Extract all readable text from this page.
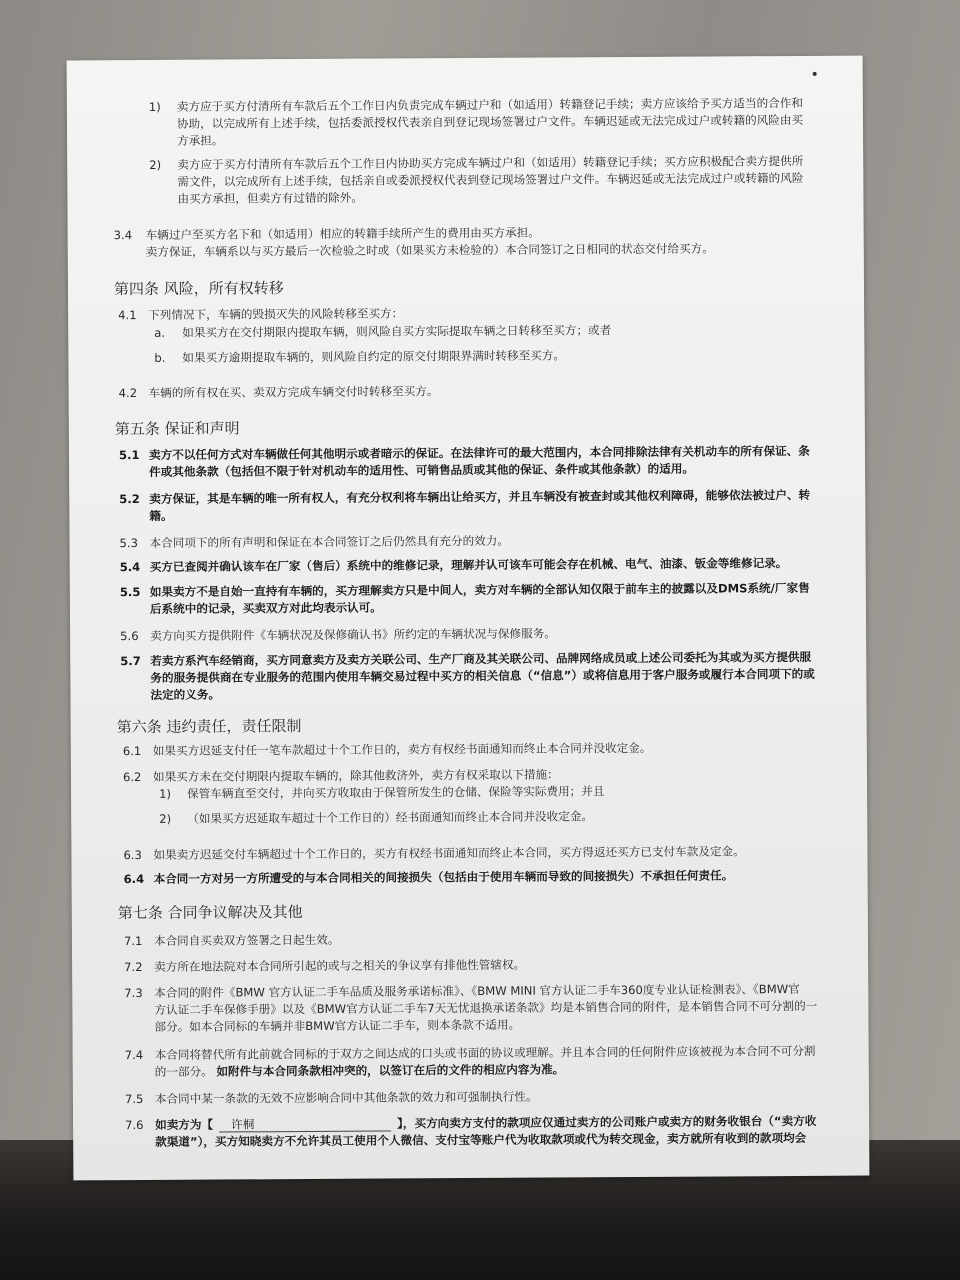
1) 卖方应于买方付清所有车款后五个工作日内负责完成车辆过户和（如适用）转籍登记手续；卖方应该给予买方适当的合作和
协助，以完成所有上述手续，包括委派授权代表亲自到登记现场签署过户文件。车辆迟延或无法完成过户或转籍的风险由买
方承担。
2) 卖方应于买方付清所有车款后五个工作日内协助买方完成车辆过户和（如适用）转籍登记手续；买方应积极配合卖方提供所
需文件，以完成所有上述手续，包括亲自或委派授权代表到登记现场签署过户文件。车辆迟延或无法完成过户或转籍的风险
由买方承担，但卖方有过错的除外。
3.4 车辆过户至买方名下和（如适用）相应的转籍手续所产生的费用由买方承担。
卖方保证，车辆系以与买方最后一次检验之时或（如果买方未检验的）本合同签订之日相同的状态交付给买方。
第四条 风险，所有权转移
4.1 下列情况下，车辆的毁损灭失的风险转移至买方：
a. 如果买方在交付期限内提取车辆，则风险自买方实际提取车辆之日转移至买方；或者
b. 如果买方逾期提取车辆的，则风险自约定的原交付期限界满时转移至买方。
4.2 车辆的所有权在买、卖双方完成车辆交付时转移至买方。
第五条 保证和声明
5.1 卖方不以任何方式对车辆做任何其他明示或者暗示的保证。在法律许可的最大范围内，本合同排除法律有关机动车的所有保证、条
件或其他条款（包括但不限于针对机动车的适用性、可销售品质或其他的保证、条件或其他条款）的适用。
5.2 卖方保证，其是车辆的唯一所有权人，有充分权利将车辆出让给买方，并且车辆没有被查封或其他权利障碍，能够依法被过户、转
籍。
5.3 本合同项下的所有声明和保证在本合同签订之后仍然具有充分的效力。
5.4 买方已查阅并确认该车在厂家（售后）系统中的维修记录，理解并认可该车可能会存在机械、电气、油漆、钣金等维修记录。
5.5 如果卖方不是自始一直持有车辆的，买方理解卖方只是中间人，卖方对车辆的全部认知仅限于前车主的披露以及DMS系统/厂家售
后系统中的记录，买卖双方对此均表示认可。
5.6 卖方向买方提供附件《车辆状况及保修确认书》所约定的车辆状况与保修服务。
5.7 若卖方系汽车经销商，买方同意卖方及卖方关联公司、生产厂商及其关联公司、品牌网络成员或上述公司委托为其或为买方提供服
务的服务提供商在专业服务的范围内使用车辆交易过程中买方的相关信息（“信息”）或将信息用于客户服务或履行本合同项下的或
法定的义务。
第六条 违约责任，责任限制
6.1 如果买方迟延支付任一笔车款超过十个工作日的，卖方有权经书面通知而终止本合同并没收定金。
6.2 如果买方未在交付期限内提取车辆的，除其他救济外，卖方有权采取以下措施：
1) 保管车辆直至交付，并向买方收取由于保管所发生的仓储、保险等实际费用；并且
2) （如果买方迟延取车超过十个工作日的）经书面通知而终止本合同并没收定金。
6.3 如果卖方迟延交付车辆超过十个工作日的，买方有权经书面通知而终止本合同，买方得返还买方已支付车款及定金。
6.4 本合同一方对另一方所遭受的与本合同相关的间接损失（包括由于使用车辆而导致的间接损失）不承担任何责任。
第七条 合同争议解决及其他
7.1 本合同自买卖双方签署之日起生效。
7.2 卖方所在地法院对本合同所引起的或与之相关的争议享有排他性管辖权。
7.3 本合同的附件《BMW 官方认证二手车品质及服务承诺标准》、《BMW MINI 官方认证二手车360度专业认证检测表》、《BMW官
方认证二手车保修手册》以及《BMW官方认证二手车7天无忧退换承诺条款》均是本销售合同的附件，是本销售合同不可分割的一
部分。如本合同标的车辆并非BMW官方认证二手车，则本条款不适用。
7.4 本合同将替代所有此前就合同标的于双方之间达成的口头或书面的协议或理解。并且本合同的任何附件应该被视为本合同不可分割
的一部分。 如附件与本合同条款相冲突的，以签订在后的文件的相应内容为准。
7.5 本合同中某一条款的无效不应影响合同中其他条款的效力和可强制执行性。
7.6 如卖方为【 许桐	】，买方向卖方支付的款项应仅通过卖方的公司账户或卖方的财务收银台（“卖方收
款渠道”），买方知晓卖方不允许其员工使用个人微信、支付宝等账户代为收取款项或代为转交现金，卖方就所有收到的款项均会
